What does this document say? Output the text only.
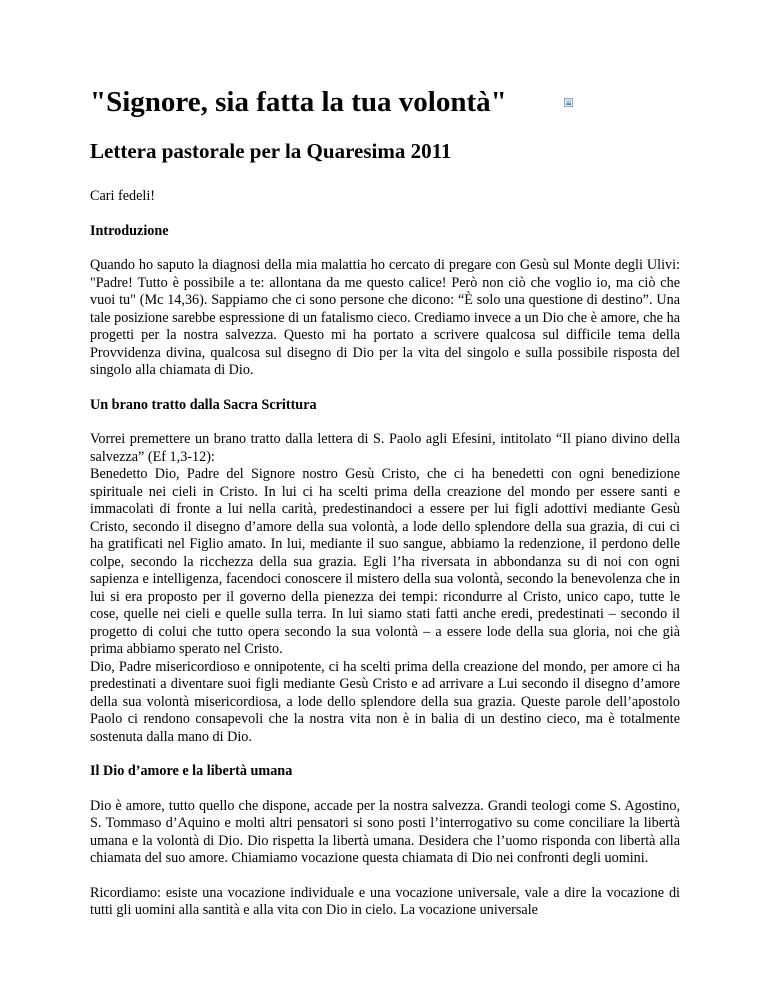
"Signore, sia fatta la tua volontà"
Lettera pastorale per la Quaresima 2011

Cari fedeli!

Introduzione

Quando ho saputo la diagnosi della mia malattia ho cercato di pregare con Gesù sul Monte degli Ulivi: "Padre! Tutto è possibile a te: allontana da me questo calice! Però non ciò che voglio io, ma ciò che vuoi tu" (Mc 14,36). Sappiamo che ci sono persone che dicono: “È solo una questione di destino”. Una tale posizione sarebbe espressione di un fatalismo cieco. Crediamo invece a un Dio che è amore, che ha progetti per la nostra salvezza. Questo mi ha portato a scrivere qualcosa sul difficile tema della Provvidenza divina, qualcosa sul disegno di Dio per la vita del singolo e sulla possibile risposta del singolo alla chiamata di Dio.

Un brano tratto dalla Sacra Scrittura

Vorrei premettere un brano tratto dalla lettera di S. Paolo agli Efesini, intitolato “Il piano divino della salvezza” (Ef 1,3-12):

Benedetto Dio, Padre del Signore nostro Gesù Cristo, che ci ha benedetti con ogni benedizione spirituale nei cieli in Cristo. In lui ci ha scelti prima della creazione del mondo per essere santi e immacolati di fronte a lui nella carità, predestinandoci a essere per lui figli adottivi mediante Gesù Cristo, secondo il disegno d’amore della sua volontà, a lode dello splendore della sua grazia, di cui ci ha gratificati nel Figlio amato. In lui, mediante il suo sangue, abbiamo la redenzione, il perdono delle colpe, secondo la ricchezza della sua grazia. Egli l’ha riversata in abbondanza su di noi con ogni sapienza e intelligenza, facendoci conoscere il mistero della sua volontà, secondo la benevolenza che in lui si era proposto per il governo della pienezza dei tempi: ricondurre al Cristo, unico capo, tutte le cose, quelle nei cieli e quelle sulla terra. In lui siamo stati fatti anche eredi, predestinati – secondo il progetto di colui che tutto opera secondo la sua volontà – a essere lode della sua gloria, noi che già prima abbiamo sperato nel Cristo.

Dio, Padre misericordioso e onnipotente, ci ha scelti prima della creazione del mondo, per amore ci ha predestinati a diventare suoi figli mediante Gesù Cristo e ad arrivare a Lui secondo il disegno d’amore della sua volontà misericordiosa, a lode dello splendore della sua grazia. Queste parole dell’apostolo Paolo ci rendono consapevoli che la nostra vita non è in balia di un destino cieco, ma è totalmente sostenuta dalla mano di Dio.

Il Dio d’amore e la libertà umana

Dio è amore, tutto quello che dispone, accade per la nostra salvezza. Grandi teologi come S. Agostino, S. Tommaso d’Aquino e molti altri pensatori si sono posti l’interrogativo su come conciliare la libertà umana e la volontà di Dio. Dio rispetta la libertà umana. Desidera che l’uomo risponda con libertà alla chiamata del suo amore. Chiamiamo vocazione questa chiamata di Dio nei confronti degli uomini.

Ricordiamo: esiste una vocazione individuale e una vocazione universale, vale a dire la vocazione di tutti gli uomini alla santità e alla vita con Dio in cielo. La vocazione universale
